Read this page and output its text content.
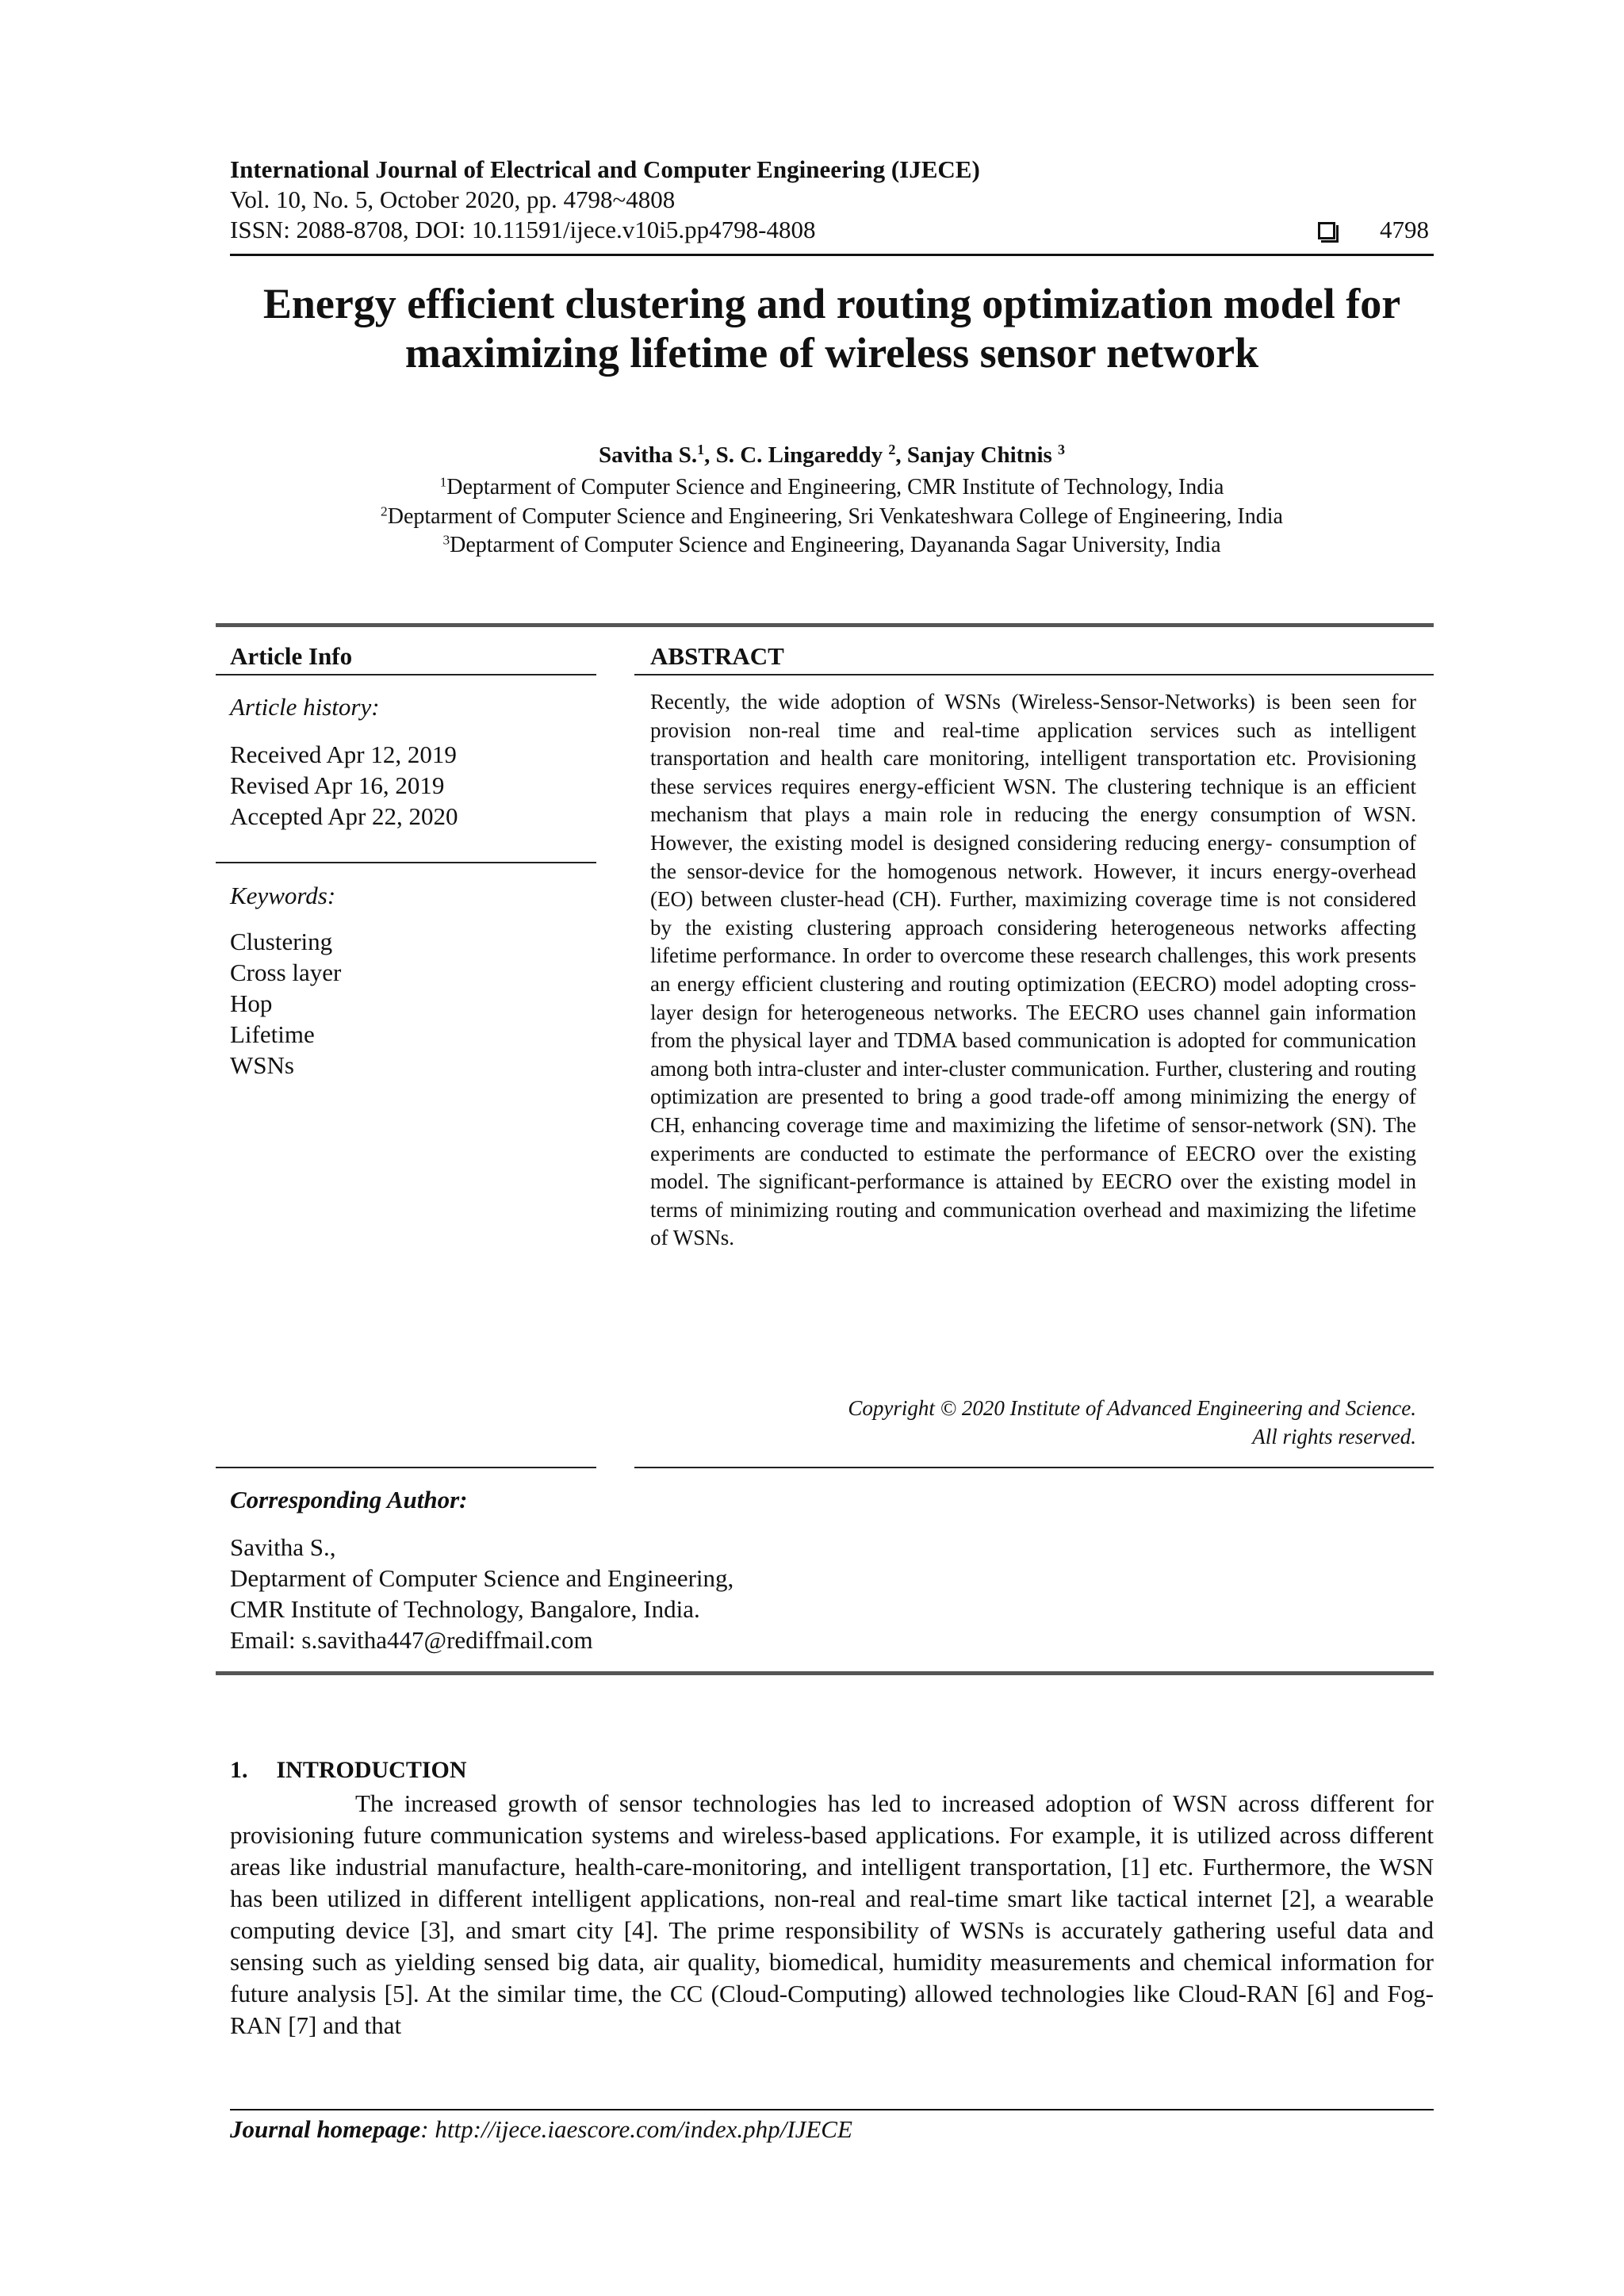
International Journal of Electrical and Computer Engineering (IJECE)
Vol. 10, No. 5, October 2020, pp. 4798~4808
ISSN: 2088-8708, DOI: 10.11591/ijece.v10i5.pp4798-4808	4798
Energy efficient clustering and routing optimization model for maximizing lifetime of wireless sensor network
Savitha S.$^1$, S. C. Lingareddy $^2$, Sanjay Chitnis $^3$
$^1$Deptarment of Computer Science and Engineering, CMR Institute of Technology, India
$^2$Deptarment of Computer Science and Engineering, Sri Venkateshwara College of Engineering, India
$^3$Deptarment of Computer Science and Engineering, Dayananda Sagar University, India
Article Info	ABSTRACT
Article history:
Received Apr 12, 2019
Revised Apr 16, 2019
Accepted Apr 22, 2020
Keywords:
Clustering
Cross layer
Hop
Lifetime
WSNs
Recently, the wide adoption of WSNs (Wireless-Sensor-Networks) is been seen for provision non-real time and real-time application services such as intelligent transportation and health care monitoring, intelligent transportation etc. Provisioning these services requires energy-efficient WSN. The clustering technique is an efficient mechanism that plays a main role in reducing the energy consumption of WSN. However, the existing model is designed considering reducing energy- consumption of the sensor-device for the homogenous network. However, it incurs energy-overhead (EO) between cluster-head (CH). Further, maximizing coverage time is not considered by the existing clustering approach considering heterogeneous networks affecting lifetime performance. In order to overcome these research challenges, this work presents an energy efficient clustering and routing optimization (EECRO) model adopting cross-layer design for heterogeneous networks. The EECRO uses channel gain information from the physical layer and TDMA based communication is adopted for communication among both intra-cluster and inter-cluster communication. Further, clustering and routing optimization are presented to bring a good trade-off among minimizing the energy of CH, enhancing coverage time and maximizing the lifetime of sensor-network (SN). The experiments are conducted to estimate the performance of EECRO over the existing model. The significant-performance is attained by EECRO over the existing model in terms of minimizing routing and communication overhead and maximizing the lifetime of WSNs.
Copyright © 2020 Institute of Advanced Engineering and Science.
All rights reserved.
Corresponding Author:
Savitha S.,
Deptarment of Computer Science and Engineering,
CMR Institute of Technology, Bangalore, India.
Email: s.savitha447@rediffmail.com
1. INTRODUCTION
The increased growth of sensor technologies has led to increased adoption of WSN across different for provisioning future communication systems and wireless-based applications. For example, it is utilized across different areas like industrial manufacture, health-care-monitoring, and intelligent transportation, [1] etc. Furthermore, the WSN has been utilized in different intelligent applications, non-real and real-time smart like tactical internet [2], a wearable computing device [3], and smart city [4]. The prime responsibility of WSNs is accurately gathering useful data and sensing such as yielding sensed big data, air quality, biomedical, humidity measurements and chemical information for future analysis [5]. At the similar time, the CC (Cloud-Computing) allowed technologies like Cloud-RAN [6] and Fog-RAN [7] and that
Journal homepage: http://ijece.iaescore.com/index.php/IJECE
